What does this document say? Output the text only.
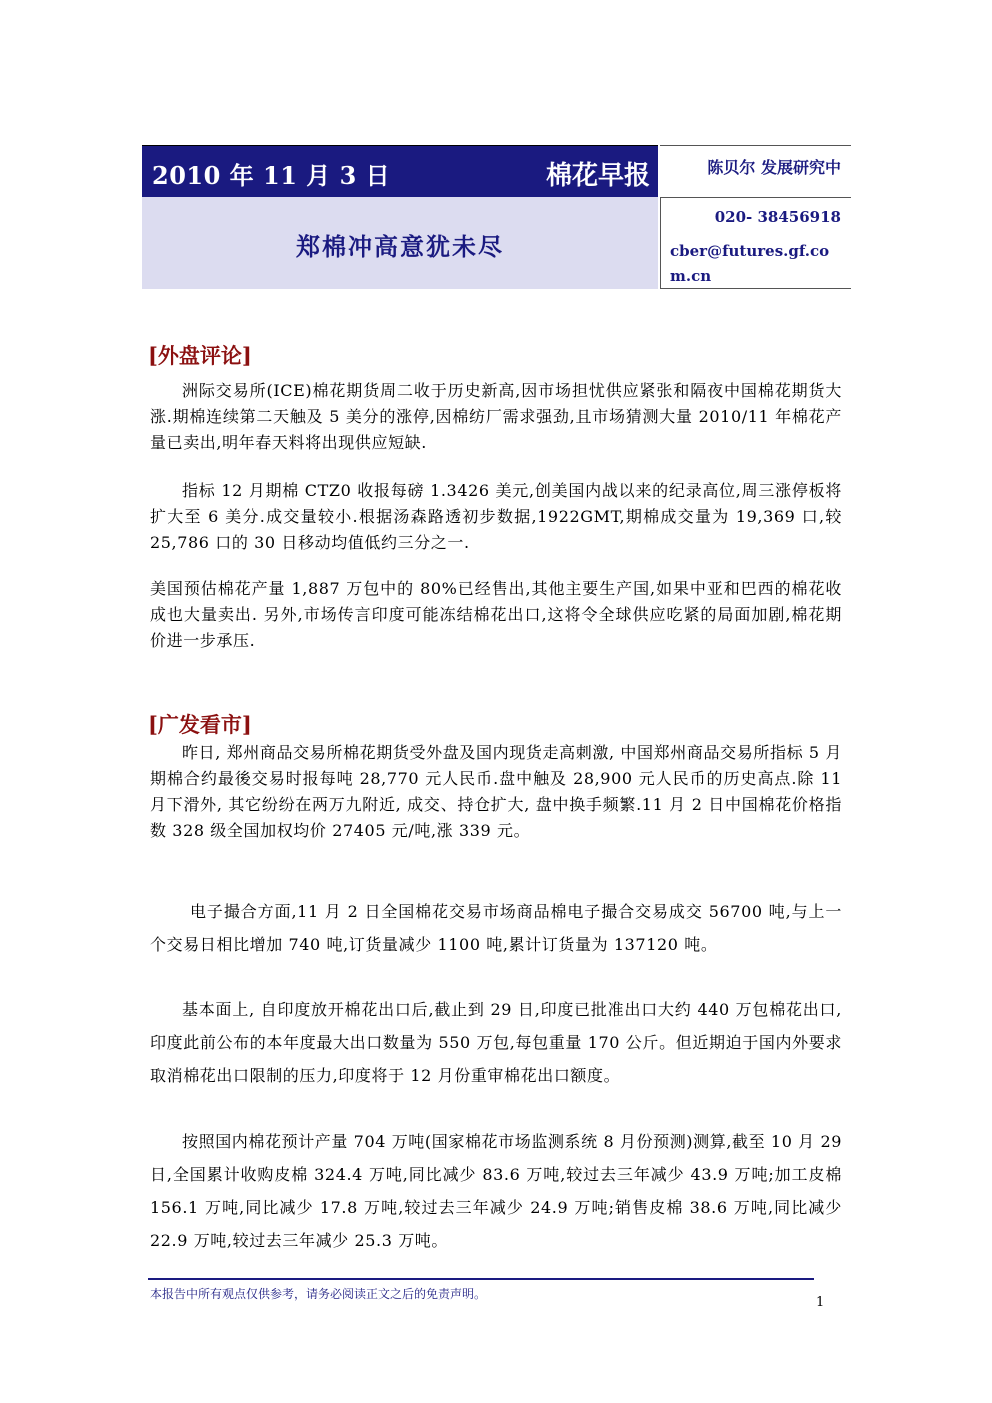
2010 年 11 月 3 日	棉花早报
郑棉冲高意犹未尽
陈贝尔 发展研究中
020- 38456918
cber@futures.gf.com.cn
[外盘评论]
洲际交易所(ICE)棉花期货周二收于历史新高,因市场担忧供应紧张和隔夜中国棉花期货大涨.期棉连续第二天触及 5 美分的涨停,因棉纺厂需求强劲,且市场猜测大量 2010/11 年棉花产量已卖出,明年春天料将出现供应短缺.
指标 12 月期棉 CTZ0 收报每磅 1.3426 美元,创美国内战以来的纪录高位,周三涨停板将扩大至 6 美分.成交量较小.根据汤森路透初步数据,1922GMT,期棉成交量为 19,369 口,较 25,786 口的 30 日移动均值低约三分之一.
美国预估棉花产量 1,887 万包中的 80%已经售出,其他主要生产国,如果中亚和巴西的棉花收成也大量卖出. 另外,市场传言印度可能冻结棉花出口,这将令全球供应吃紧的局面加剧,棉花期价进一步承压.
[广发看市]
昨日, 郑州商品交易所棉花期货受外盘及国内现货走高刺激, 中国郑州商品交易所指标 5 月期棉合约最後交易时报每吨 28,770 元人民币.盘中触及 28,900 元人民币的历史高点.除 11 月下滑外, 其它纷纷在两万九附近, 成交、持仓扩大, 盘中换手频繁.11 月 2 日中国棉花价格指数 328 级全国加权均价 27405 元/吨,涨 339 元。
电子撮合方面,11 月 2 日全国棉花交易市场商品棉电子撮合交易成交 56700 吨,与上一个交易日相比增加 740 吨,订货量减少 1100 吨,累计订货量为 137120 吨。
基本面上, 自印度放开棉花出口后,截止到 29 日,印度已批准出口大约 440 万包棉花出口,印度此前公布的本年度最大出口数量为 550 万包,每包重量 170 公斤。但近期迫于国内外要求取消棉花出口限制的压力,印度将于 12 月份重审棉花出口额度。
按照国内棉花预计产量 704 万吨(国家棉花市场监测系统 8 月份预测)测算,截至 10 月 29 日,全国累计收购皮棉 324.4 万吨,同比减少 83.6 万吨,较过去三年减少 43.9 万吨;加工皮棉 156.1 万吨,同比减少 17.8 万吨,较过去三年减少 24.9 万吨;销售皮棉 38.6 万吨,同比减少 22.9 万吨,较过去三年减少 25.3 万吨。
本报告中所有观点仅供参考，请务必阅读正文之后的免责声明。
1
